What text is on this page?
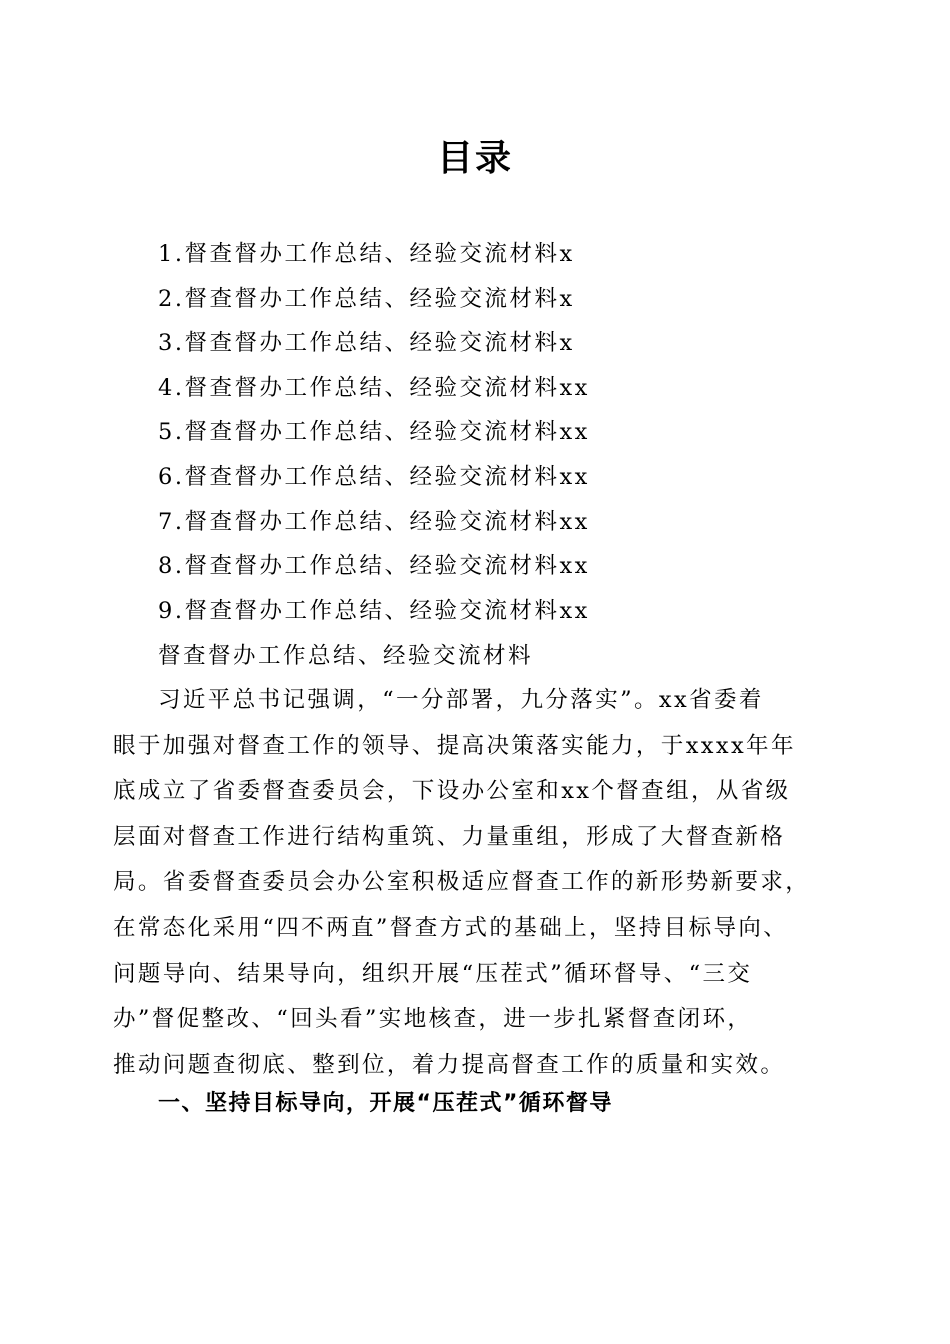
目录
1.督查督办工作总结、经验交流材料x
2.督查督办工作总结、经验交流材料x
3.督查督办工作总结、经验交流材料x
4.督查督办工作总结、经验交流材料xx
5.督查督办工作总结、经验交流材料xx
6.督查督办工作总结、经验交流材料xx
7.督查督办工作总结、经验交流材料xx
8.督查督办工作总结、经验交流材料xx
9.督查督办工作总结、经验交流材料xx
督查督办工作总结、经验交流材料
习近平总书记强调，“一分部署，九分落实”。xx省委着
眼于加强对督查工作的领导、提高决策落实能力，于xxxx年年
底成立了省委督查委员会，下设办公室和xx个督查组，从省级
层面对督查工作进行结构重筑、力量重组，形成了大督查新格
局。省委督查委员会办公室积极适应督查工作的新形势新要求，
在常态化采用“四不两直”督查方式的基础上，坚持目标导向、
问题导向、结果导向，组织开展“压茬式”循环督导、“三交
办”督促整改、“回头看”实地核查，进一步扎紧督查闭环，
推动问题查彻底、整到位，着力提高督查工作的质量和实效。
一、坚持目标导向，开展“压茬式”循环督导
